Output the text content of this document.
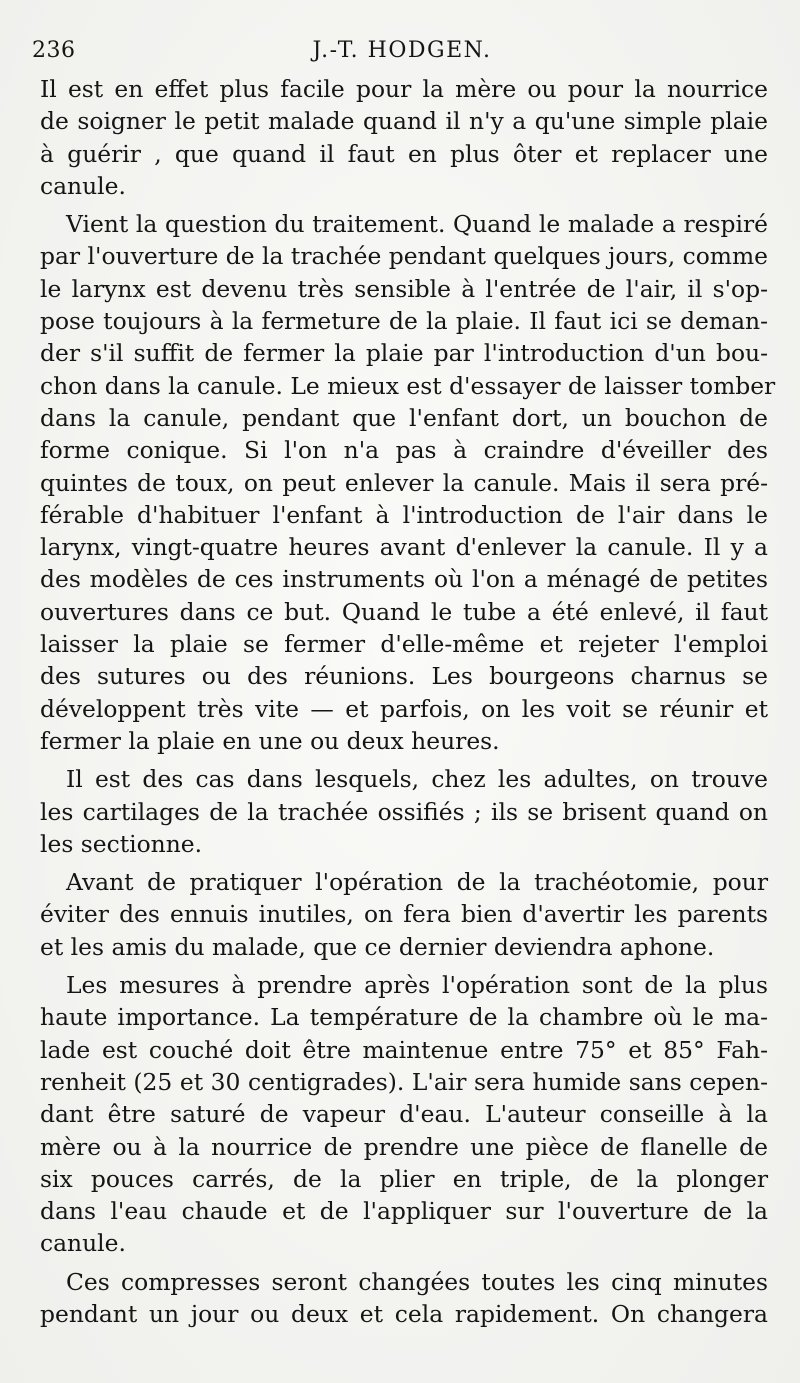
236	J.-T. HODGEN.
Il est en effet plus facile pour la mère ou pour la nourrice
de soigner le petit malade quand il n'y a qu'une simple plaie
à guérir , que quand il faut en plus ôter et replacer une
canule.
Vient la question du traitement. Quand le malade a respiré
par l'ouverture de la trachée pendant quelques jours, comme
le larynx est devenu très sensible à l'entrée de l'air, il s'op-
pose toujours à la fermeture de la plaie. Il faut ici se deman-
der s'il suffit de fermer la plaie par l'introduction d'un bou-
chon dans la canule. Le mieux est d'essayer de laisser tomber
dans la canule, pendant que l'enfant dort, un bouchon de
forme conique. Si l'on n'a pas à craindre d'éveiller des
quintes de toux, on peut enlever la canule. Mais il sera pré-
férable d'habituer l'enfant à l'introduction de l'air dans le
larynx, vingt-quatre heures avant d'enlever la canule. Il y a
des modèles de ces instruments où l'on a ménagé de petites
ouvertures dans ce but. Quand le tube a été enlevé, il faut
laisser la plaie se fermer d'elle-même et rejeter l'emploi
des sutures ou des réunions. Les bourgeons charnus se
développent très vite — et parfois, on les voit se réunir et
fermer la plaie en une ou deux heures.
Il est des cas dans lesquels, chez les adultes, on trouve
les cartilages de la trachée ossifiés ; ils se brisent quand on
les sectionne.
Avant de pratiquer l'opération de la trachéotomie, pour
éviter des ennuis inutiles, on fera bien d'avertir les parents
et les amis du malade, que ce dernier deviendra aphone.
Les mesures à prendre après l'opération sont de la plus
haute importance. La température de la chambre où le ma-
lade est couché doit être maintenue entre 75° et 85° Fah-
renheit (25 et 30 centigrades). L'air sera humide sans cepen-
dant être saturé de vapeur d'eau. L'auteur conseille à la
mère ou à la nourrice de prendre une pièce de flanelle de
six pouces carrés, de la plier en triple, de la plonger
dans l'eau chaude et de l'appliquer sur l'ouverture de la
canule.
Ces compresses seront changées toutes les cinq minutes
pendant un jour ou deux et cela rapidement. On changera
